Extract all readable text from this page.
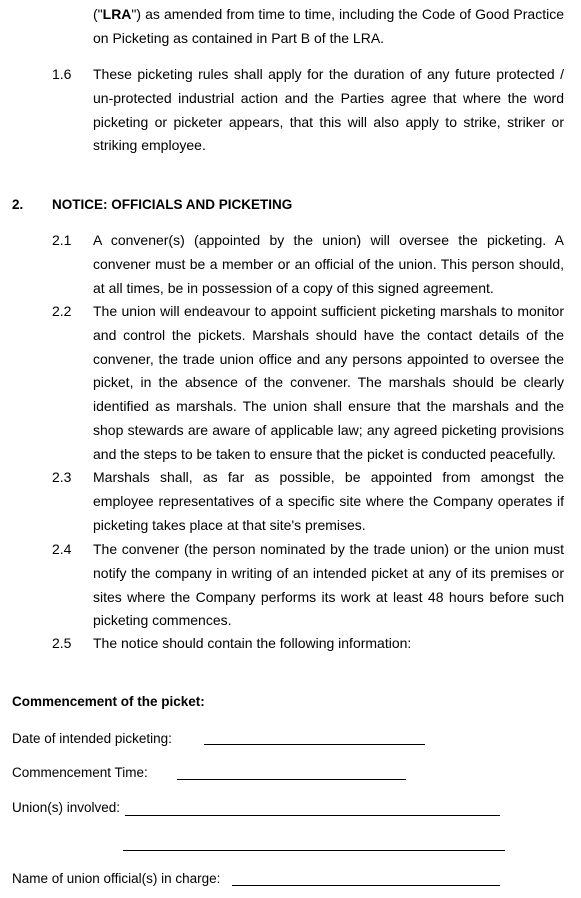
("LRA") as amended from time to time, including the Code of Good Practice on Picketing as contained in Part B of the LRA.

1.6 These picketing rules shall apply for the duration of any future protected / un-protected industrial action and the Parties agree that where the word picketing or picketer appears, that this will also apply to strike, striker or striking employee.

2. NOTICE: OFFICIALS AND PICKETING
2.1 A convener(s) (appointed by the union) will oversee the picketing. A convener must be a member or an official of the union. This person should, at all times, be in possession of a copy of this signed agreement.

2.2 The union will endeavour to appoint sufficient picketing marshals to monitor and control the pickets. Marshals should have the contact details of the convener, the trade union office and any persons appointed to oversee the picket, in the absence of the convener. The marshals should be clearly identified as marshals. The union shall ensure that the marshals and the shop stewards are aware of applicable law; any agreed picketing provisions and the steps to be taken to ensure that the picket is conducted peacefully.

2.3 Marshals shall, as far as possible, be appointed from amongst the employee representatives of a specific site where the Company operates if picketing takes place at that site's premises.

2.4 The convener (the person nominated by the trade union) or the union must notify the company in writing of an intended picket at any of its premises or sites where the Company performs its work at least 48 hours before such picketing commences.

2.5 The notice should contain the following information:

Commencement of the picket:
Date of intended picketing:
Commencement Time:
Union(s) involved:
Name of union official(s) in charge:
